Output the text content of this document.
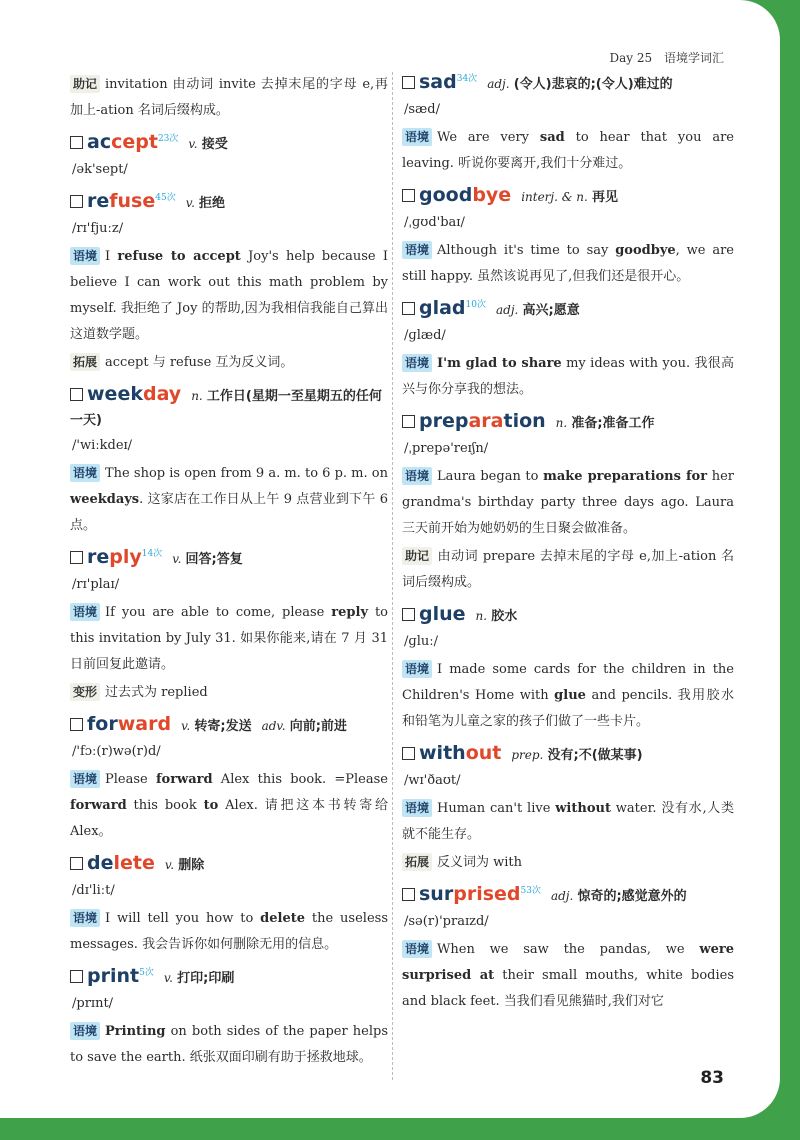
Day 25 语境学词汇
助记 invitation 由动词 invite 去掉末尾的字母 e,再加上-ation 名词后缀构成。
accept$^{23次}$ v. 接受
/ək'sept/
refuse$^{45次}$ v. 拒绝
/rɪ'fjuːz/
语境 I refuse to accept Joy's help because I believe I can work out this math problem by myself. 我拒绝了 Joy 的帮助,因为我相信我能自己算出这道数学题。
拓展 accept 与 refuse 互为反义词。
weekday n. 工作日(星期一至星期五的任何一天)
/'wiːkdeɪ/
语境 The shop is open from 9 a. m. to 6 p. m. on weekdays. 这家店在工作日从上午 9 点营业到下午 6 点。
reply$^{14次}$ v. 回答;答复
/rɪ'plaɪ/
语境 If you are able to come, please reply to this invitation by July 31. 如果你能来,请在 7 月 31 日前回复此邀请。
变形 过去式为 replied
forward v. 转寄;发送 adv. 向前;前进
/'fɔː(r)wə(r)d/
语境 Please forward Alex this book. =Please forward this book to Alex. 请把这本书转寄给 Alex。
delete v. 删除
/dɪ'liːt/
语境 I will tell you how to delete the useless messages. 我会告诉你如何删除无用的信息。
print$^{5次}$ v. 打印;印刷
/prɪnt/
语境 Printing on both sides of the paper helps to save the earth. 纸张双面印刷有助于拯救地球。
sad$^{34次}$ adj. (令人)悲哀的;(令人)难过的
/sæd/
语境 We are very sad to hear that you are leaving. 听说你要离开,我们十分难过。
goodbye interj. & n. 再见
/ˌɡʊd'baɪ/
语境 Although it's time to say goodbye, we are still happy. 虽然该说再见了,但我们还是很开心。
glad$^{10次}$ adj. 高兴;愿意
/ɡlæd/
语境 I'm glad to share my ideas with you. 我很高兴与你分享我的想法。
preparation n. 准备;准备工作
/ˌprepə'reɪʃn/
语境 Laura began to make preparations for her grandma's birthday party three days ago. Laura 三天前开始为她奶奶的生日聚会做准备。
助记 由动词 prepare 去掉末尾的字母 e,加上-ation 名词后缀构成。
glue n. 胶水
/ɡluː/
语境 I made some cards for the children in the Children's Home with glue and pencils. 我用胶水和铅笔为儿童之家的孩子们做了一些卡片。
without prep. 没有;不(做某事)
/wɪ'ðaʊt/
语境 Human can't live without water. 没有水,人类就不能生存。
拓展 反义词为 with
surprised$^{53次}$ adj. 惊奇的;感觉意外的
/sə(r)'praɪzd/
语境 When we saw the pandas, we were surprised at their small mouths, white bodies and black feet. 当我们看见熊猫时,我们对它
83
